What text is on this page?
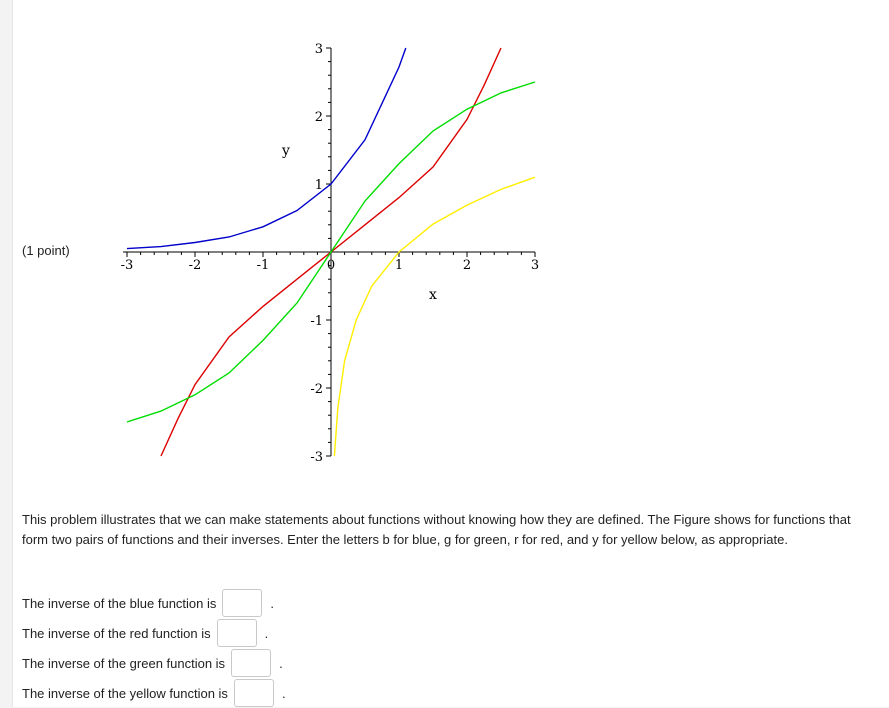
(1 point)
-3	-2	-1	0	1	2	3
-3
-2
-1
1
2
3
x
y

This problem illustrates that we can make statements about functions without knowing how they are defined. The Figure shows for functions that form two pairs of functions and their inverses. Enter the letters b for blue, g for green, r for red, and y for yellow below, as appropriate.

The inverse of the blue function is	.
The inverse of the red function is	.
The inverse of the green function is	.
The inverse of the yellow function is	.
